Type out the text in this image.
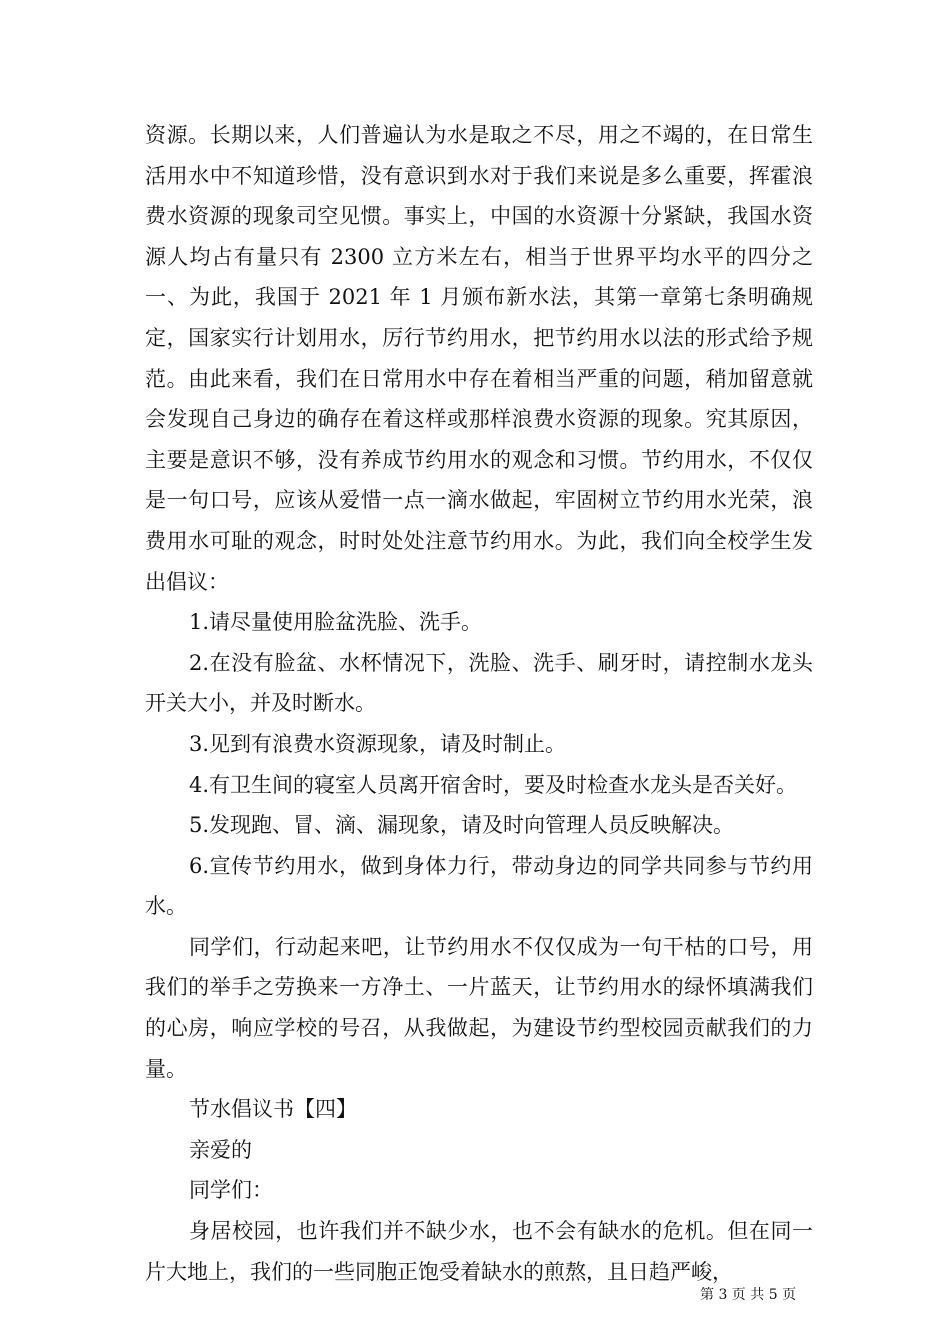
资源。长期以来，人们普遍认为水是取之不尽，用之不竭的，在日常生活用水中不知道珍惜，没有意识到水对于我们来说是多么重要，挥霍浪费水资源的现象司空见惯。事实上，中国的水资源十分紧缺，我国水资源人均占有量只有 2300 立方米左右，相当于世界平均水平的四分之一、为此，我国于 2021 年 1 月颁布新水法，其第一章第七条明确规定，国家实行计划用水，厉行节约用水，把节约用水以法的形式给予规范。由此来看，我们在日常用水中存在着相当严重的问题，稍加留意就会发现自己身边的确存在着这样或那样浪费水资源的现象。究其原因，主要是意识不够，没有养成节约用水的观念和习惯。节约用水，不仅仅是一句口号，应该从爱惜一点一滴水做起，牢固树立节约用水光荣，浪费用水可耻的观念，时时处处注意节约用水。为此，我们向全校学生发出倡议：

1.请尽量使用脸盆洗脸、洗手。

2.在没有脸盆、水杯情况下，洗脸、洗手、刷牙时，请控制水龙头开关大小，并及时断水。

3.见到有浪费水资源现象，请及时制止。

4.有卫生间的寝室人员离开宿舍时，要及时检查水龙头是否关好。

5.发现跑、冒、滴、漏现象，请及时向管理人员反映解决。

6.宣传节约用水，做到身体力行，带动身边的同学共同参与节约用水。

同学们，行动起来吧，让节约用水不仅仅成为一句干枯的口号，用我们的举手之劳换来一方净土、一片蓝天，让节约用水的绿怀填满我们的心房，响应学校的号召，从我做起，为建设节约型校园贡献我们的力量。

节水倡议书【四】

亲爱的

同学们：

身居校园，也许我们并不缺少水，也不会有缺水的危机。但在同一片大地上，我们的一些同胞正饱受着缺水的煎熬，且日趋严峻，

第 3 页 共 5 页
